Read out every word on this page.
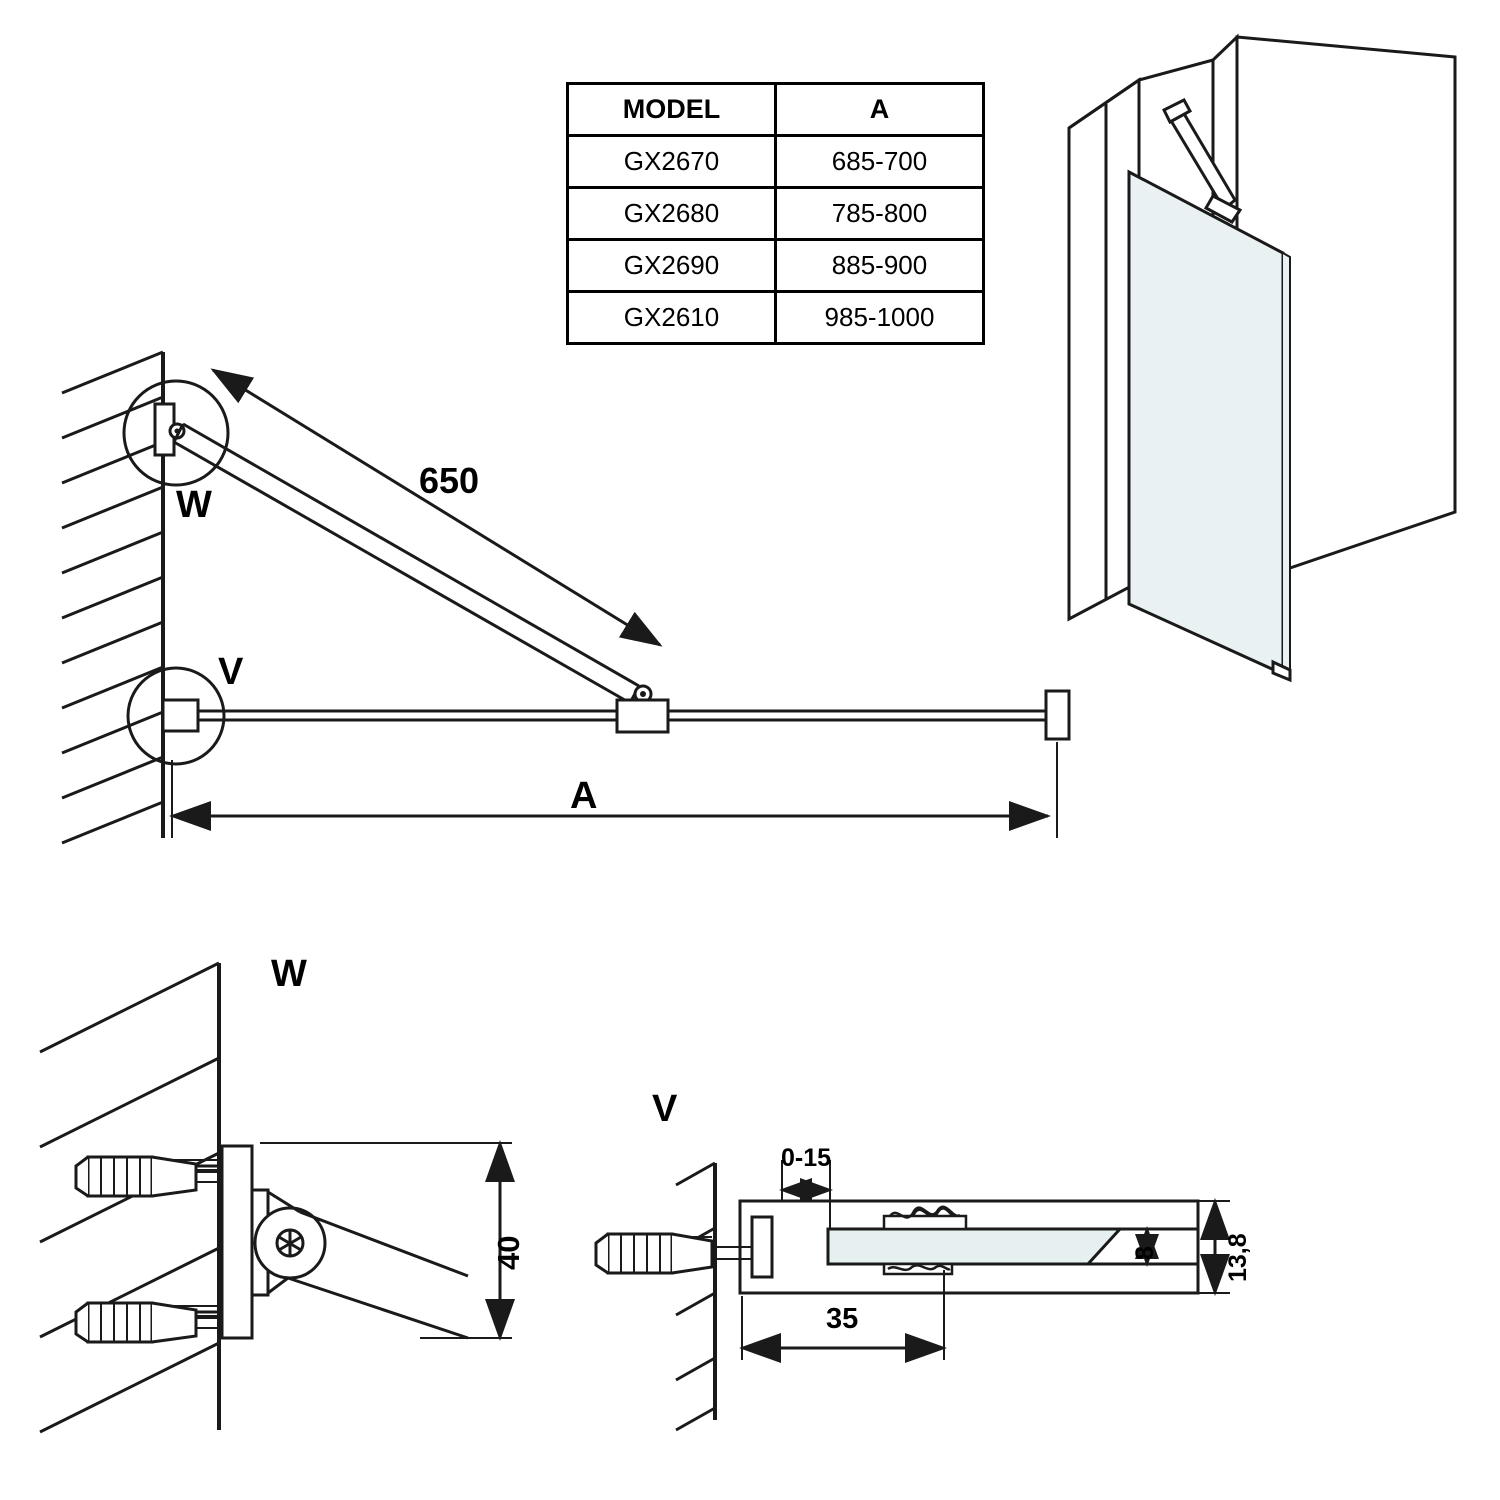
MODEL	A
GX2670	685-700
GX2680	785-800
GX2690	885-900
GX2610	985-1000
W
V
650
A
W
40
V
0-15
8	13,8
35
